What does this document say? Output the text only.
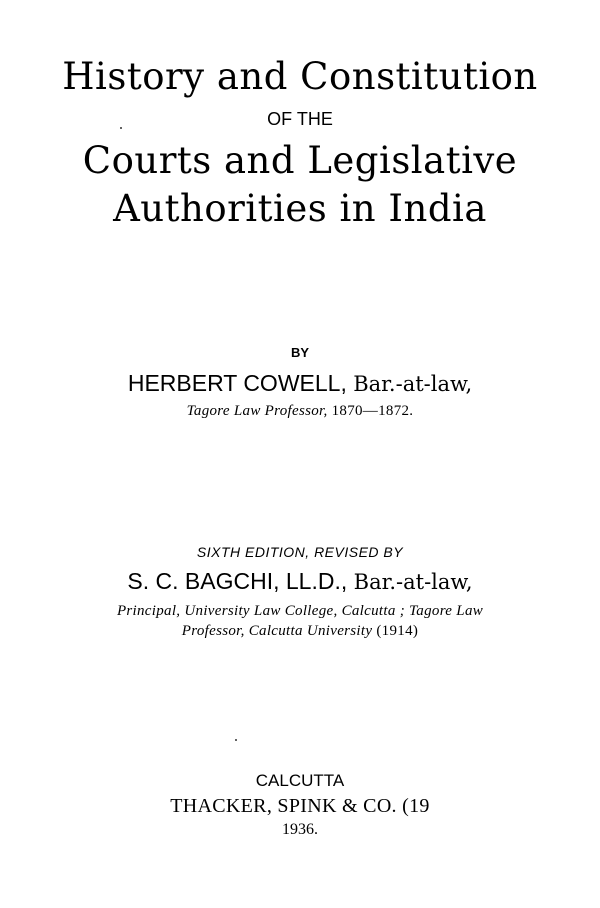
History and Constitution
OF THE
Courts and Legislative
Authorities in India
BY
HERBERT COWELL, Bar.-at-law,
Tagore Law Professor, 1870—1872.
SIXTH EDITION, REVISED BY
S. C. BAGCHI, LL.D., Bar.-at-law,
Principal, University Law College, Calcutta ; Tagore Law
Professor, Calcutta University (1914)
CALCUTTA
THACKER, SPINK & CO. (19
1936.
